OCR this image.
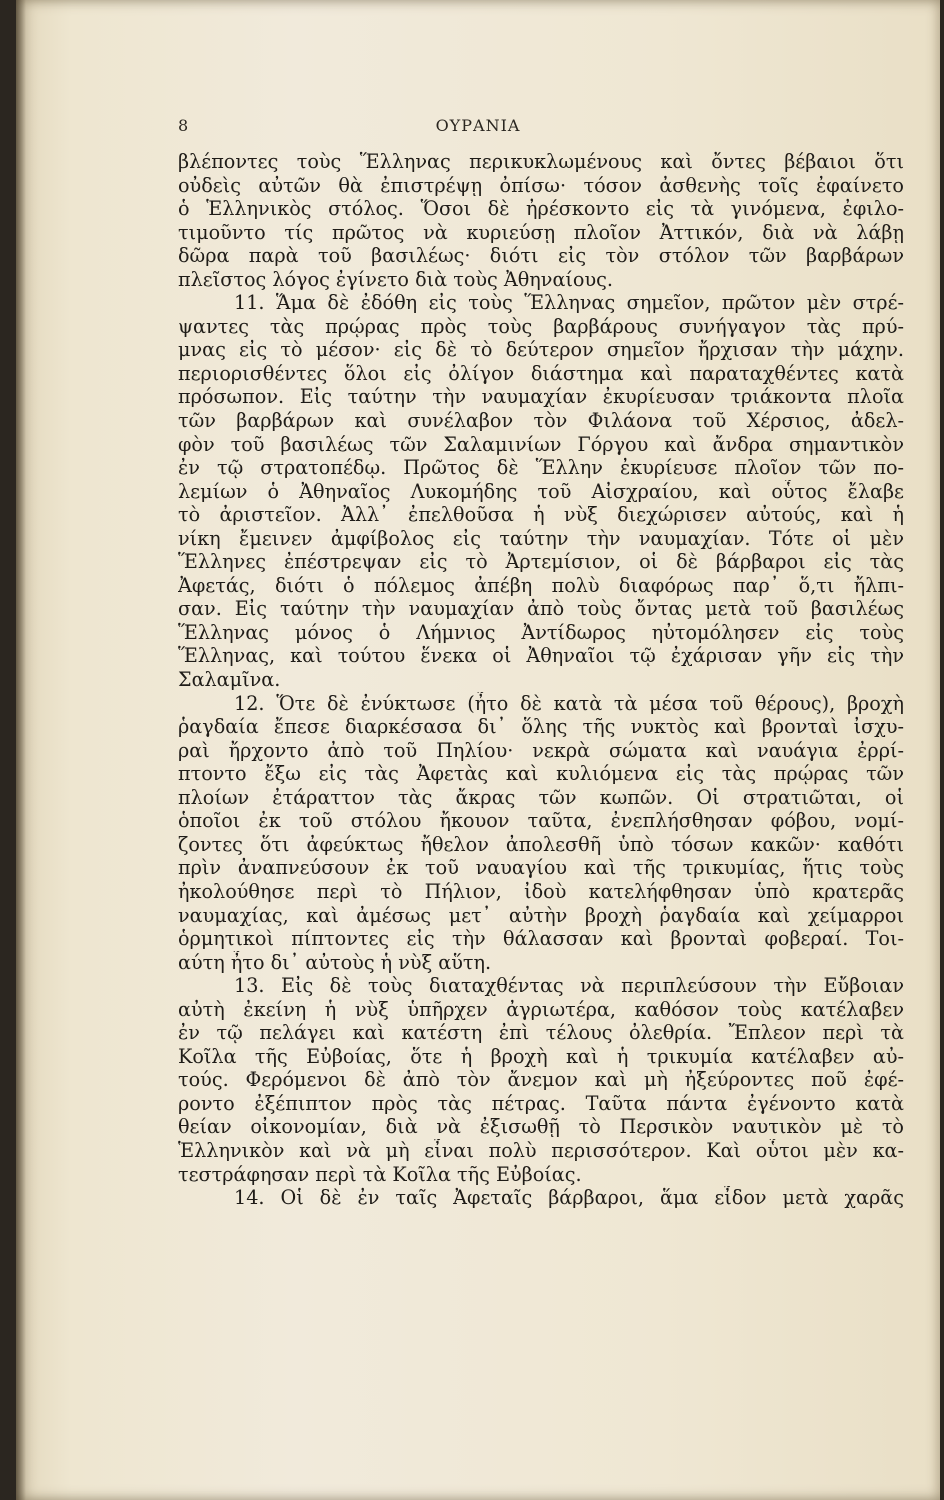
8	ΟΥΡΑΝΙΑ
βλέποντες τοὺς Ἕλληνας περικυκλωμένους καὶ ὄντες βέβαιοι ὅτι
οὐδεὶς αὐτῶν θὰ ἐπιστρέψῃ ὀπίσω· τόσον ἀσθενὴς τοῖς ἐφαίνετο
ὁ Ἑλληνικὸς στόλος. Ὅσοι δὲ ἠρέσκοντο εἰς τὰ γινόμενα, ἐφιλο-
τιμοῦντο τίς πρῶτος νὰ κυριεύσῃ πλοῖον Ἀττικόν, διὰ νὰ λάβῃ
δῶρα παρὰ τοῦ βασιλέως· διότι εἰς τὸν στόλον τῶν βαρβάρων
πλεῖστος λόγος ἐγίνετο διὰ τοὺς Ἀθηναίους.
11. Ἅμα δὲ ἐδόθη εἰς τοὺς Ἕλληνας σημεῖον, πρῶτον μὲν στρέ-
ψαντες τὰς πρῴρας πρὸς τοὺς βαρβάρους συνήγαγον τὰς πρύ-
μνας εἰς τὸ μέσον· εἰς δὲ τὸ δεύτερον σημεῖον ἤρχισαν τὴν μάχην.
περιορισθέντες ὅλοι εἰς ὀλίγον διάστημα καὶ παραταχθέντες κατὰ
πρόσωπον. Εἰς ταύτην τὴν ναυμαχίαν ἐκυρίευσαν τριάκοντα πλοῖα
τῶν βαρβάρων καὶ συνέλαβον τὸν Φιλάονα τοῦ Χέρσιος, ἀδελ-
φὸν τοῦ βασιλέως τῶν Σαλαμινίων Γόργου καὶ ἄνδρα σημαντικὸν
ἐν τῷ στρατοπέδῳ. Πρῶτος δὲ Ἕλλην ἐκυρίευσε πλοῖον τῶν πο-
λεμίων ὁ Ἀθηναῖος Λυκομήδης τοῦ Αἰσχραίου, καὶ οὗτος ἔλαβε
τὸ ἀριστεῖον. Ἀλλ᾽ ἐπελθοῦσα ἡ νὺξ διεχώρισεν αὐτούς, καὶ ἡ
νίκη ἔμεινεν ἀμφίβολος εἰς ταύτην τὴν ναυμαχίαν. Τότε οἱ μὲν
Ἕλληνες ἐπέστρεψαν εἰς τὸ Ἀρτεμίσιον, οἱ δὲ βάρβαροι εἰς τὰς
Ἀφετάς, διότι ὁ πόλεμος ἀπέβη πολὺ διαφόρως παρ᾽ ὅ,τι ἤλπι-
σαν. Εἰς ταύτην τὴν ναυμαχίαν ἀπὸ τοὺς ὄντας μετὰ τοῦ βασιλέως
Ἕλληνας μόνος ὁ Λήμνιος Ἀντίδωρος ηὐτομόλησεν εἰς τοὺς
Ἕλληνας, καὶ τούτου ἕνεκα οἱ Ἀθηναῖοι τῷ ἐχάρισαν γῆν εἰς τὴν
Σαλαμῖνα.
12. Ὅτε δὲ ἐνύκτωσε (ἦτο δὲ κατὰ τὰ μέσα τοῦ θέρους), βροχὴ
ῥαγδαία ἔπεσε διαρκέσασα δι᾽ ὅλης τῆς νυκτὸς καὶ βρονταὶ ἰσχυ-
ραὶ ἤρχοντο ἀπὸ τοῦ Πηλίου· νεκρὰ σώματα καὶ ναυάγια ἐρρί-
πτοντο ἔξω εἰς τὰς Ἀφετὰς καὶ κυλιόμενα εἰς τὰς πρῴρας τῶν
πλοίων ἐτάραττον τὰς ἄκρας τῶν κωπῶν. Οἱ στρατιῶται, οἱ
ὁποῖοι ἐκ τοῦ στόλου ἤκουον ταῦτα, ἐνεπλήσθησαν φόβου, νομί-
ζοντες ὅτι ἀφεύκτως ἤθελον ἀπολεσθῆ ὑπὸ τόσων κακῶν· καθότι
πρὶν ἀναπνεύσουν ἐκ τοῦ ναυαγίου καὶ τῆς τρικυμίας, ἥτις τοὺς
ἠκολούθησε περὶ τὸ Πήλιον, ἰδοὺ κατελήφθησαν ὑπὸ κρατερᾶς
ναυμαχίας, καὶ ἀμέσως μετ᾽ αὐτὴν βροχὴ ῥαγδαία καὶ χείμαρροι
ὁρμητικοὶ πίπτοντες εἰς τὴν θάλασσαν καὶ βρονταὶ φοβεραί. Τοι-
αύτη ἦτο δι᾽ αὐτοὺς ἡ νὺξ αὕτη.
13. Εἰς δὲ τοὺς διαταχθέντας νὰ περιπλεύσουν τὴν Εὔβοιαν
αὐτὴ ἐκείνη ἡ νὺξ ὑπῆρχεν ἀγριωτέρα, καθόσον τοὺς κατέλαβεν
ἐν τῷ πελάγει καὶ κατέστη ἐπὶ τέλους ὀλεθρία. Ἔπλεον περὶ τὰ
Κοῖλα τῆς Εὐβοίας, ὅτε ἡ βροχὴ καὶ ἡ τρικυμία κατέλαβεν αὐ-
τούς. Φερόμενοι δὲ ἀπὸ τὸν ἄνεμον καὶ μὴ ἠξεύροντες ποῦ ἐφέ-
ροντο ἐξέπιπτον πρὸς τὰς πέτρας. Ταῦτα πάντα ἐγένοντο κατὰ
θείαν οἰκονομίαν, διὰ νὰ ἐξισωθῇ τὸ Περσικὸν ναυτικὸν μὲ τὸ
Ἑλληνικὸν καὶ νὰ μὴ εἶναι πολὺ περισσότερον. Καὶ οὗτοι μὲν κα-
τεστράφησαν περὶ τὰ Κοῖλα τῆς Εὐβοίας.
14. Οἱ δὲ ἐν ταῖς Ἀφεταῖς βάρβαροι, ἅμα εἶδον μετὰ χαρᾶς
